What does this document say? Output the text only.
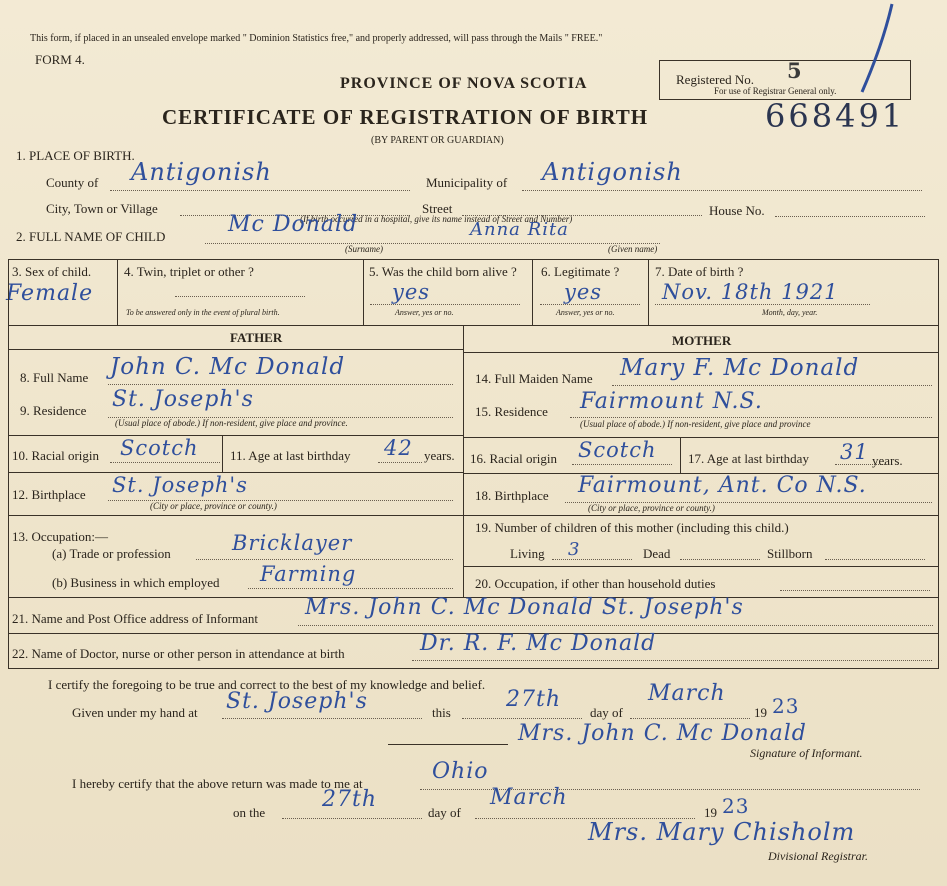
This form, if placed in an unsealed envelope marked " Dominion Statistics free," and properly addressed, will pass through the Mails " FREE."
FORM 4.
PROVINCE OF NOVA SCOTIA
CERTIFICATE OF REGISTRATION OF BIRTH
(BY PARENT OR GUARDIAN)
Registered No. 5
For use of Registrar General only.
668491
1. PLACE OF BIRTH.
County of Antigonish	Municipality of Antigonish
City, Town or Village	Street	House No.
(If birth occurred in a hospital, give its name instead of Street and Number)
2. FULL NAME OF CHILD	Mc Donald	Anna Rita
(Surname)	(Given name)
3. Sex of child.
Female
4. Twin, triplet or other ?
To be answered only in the event of plural birth.
5. Was the child born alive ?
yes
Answer, yes or no.
6. Legitimate ?
yes
Answer, yes or no.
7. Date of birth ?
Nov. 18th 1921
Month, day, year.
FATHER	MOTHER
8. Full Name John C. Mc Donald
9. Residence St. Joseph's
(Usual place of abode.) If non-resident, give place and province.
10. Racial origin Scotch 11. Age at last birthday 42 years.
12. Birthplace St. Joseph's
(City or place, province or county.)
13. Occupation:—
(a) Trade or profession	Bricklayer
(b) Business in which employed Farming
14. Full Maiden Name Mary F. Mc Donald
15. Residence Fairmount N.S.
(Usual place of abode.) If non-resident, give place and province
16. Racial origin Scotch 17. Age at last birthday 31 years.
18. Birthplace Fairmount, Ant. Co N.S.
(City or place, province or county.)
19. Number of children of this mother (including this child.)
Living 3	Dead	Stillborn
20. Occupation, if other than household duties
21. Name and Post Office address of Informant Mrs. John C. Mc Donald St. Joseph's
22. Name of Doctor, nurse or other person in attendance at birth	Dr. R. F. Mc Donald
I certify the foregoing to be true and correct to the best of my knowledge and belief.
Given under my hand at St. Joseph's	this
27th
day of
March
19 23
Mrs. John C. Mc Donald
Signature of Informant.
I hereby certify that the above return was made to me at	Ohio
on the
27th
day of
March
19 23
Mrs. Mary Chisholm
Divisional Registrar.
